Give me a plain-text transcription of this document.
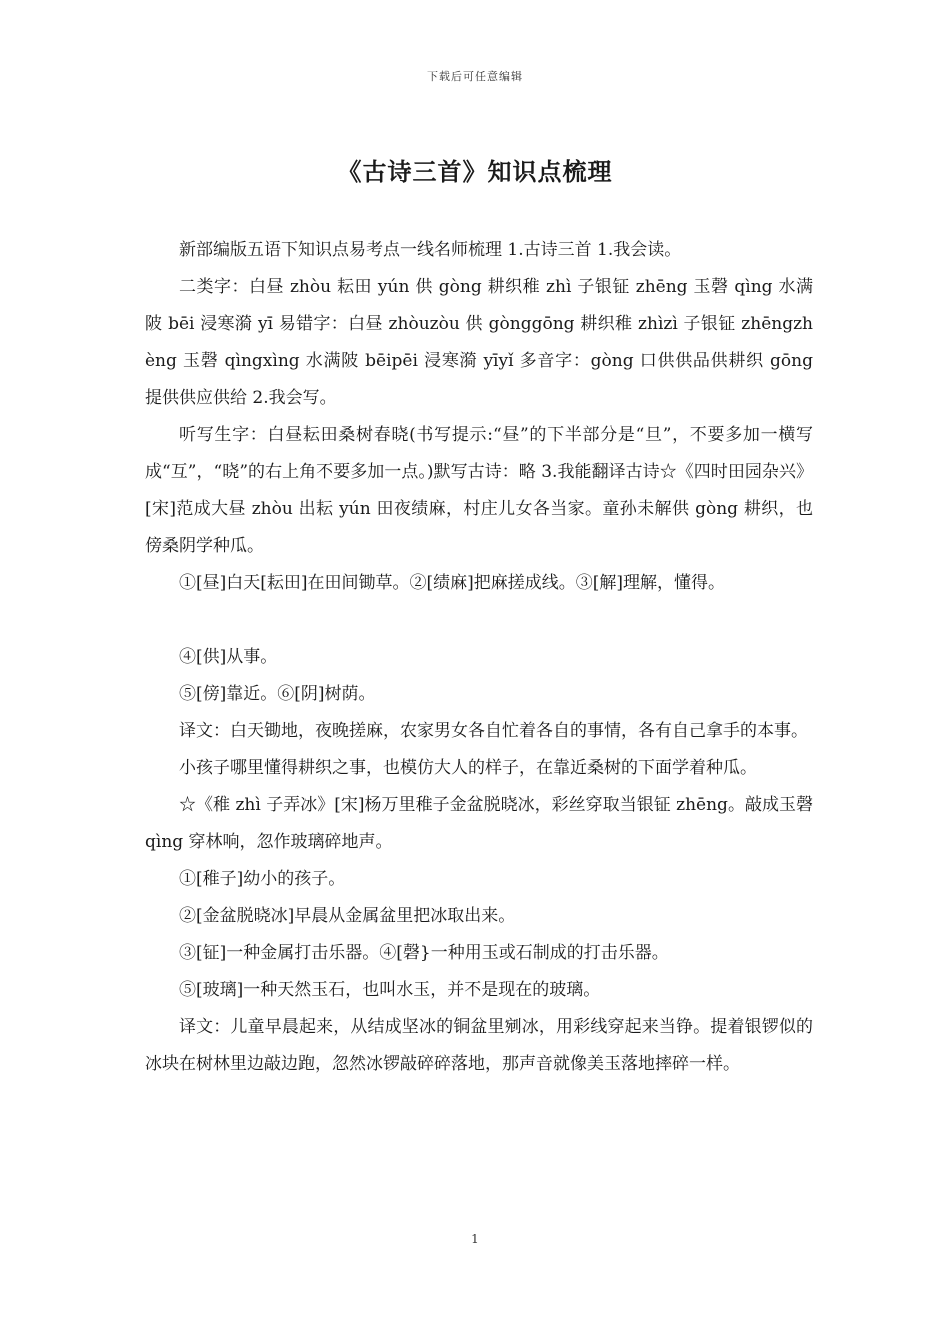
下载后可任意编辑
《古诗三首》知识点梳理

新部编版五语下知识点易考点一线名师梳理 1.古诗三首 1.我会读。

二类字：白昼 zhòu 耘田 yún 供 gòng 耕织稚 zhì 子银钲 zhēng 玉磬 qìng 水满陂 bēi 浸寒漪 yī 易错字：白昼 zhòuzòu 供 gònggōng 耕织稚 zhìzì 子银钲 zhēngzhèng 玉磬 qìngxìng 水满陂 bēipēi 浸寒漪 yīyǐ 多音字：gòng 口供供品供耕织 gōng 提供供应供给 2.我会写。

听写生字：白昼耘田桑树春晓(书写提示:“昼”的下半部分是“旦”，不要多加一横写成“互”，“晓”的右上角不要多加一点。)默写古诗：略 3.我能翻译古诗☆《四时田园杂兴》[宋]范成大昼 zhòu 出耘 yún 田夜绩麻，村庄儿女各当家。童孙未解供 gòng 耕织，也傍桑阴学种瓜。

①[昼]白天[耘田]在田间锄草。②[绩麻]把麻搓成线。③[解]理解，懂得。

④[供]从事。

⑤[傍]靠近。⑥[阴]树荫。

译文：白天锄地，夜晚搓麻，农家男女各自忙着各自的事情，各有自己拿手的本事。

小孩子哪里懂得耕织之事，也模仿大人的样子，在靠近桑树的下面学着种瓜。

☆《稚 zhì 子弄冰》[宋]杨万里稚子金盆脱晓冰，彩丝穿取当银钲 zhēng。敲成玉磬 qìng 穿林响，忽作玻璃碎地声。

①[稚子]幼小的孩子。

②[金盆脱晓冰]早晨从金属盆里把冰取出来。

③[钲]一种金属打击乐器。④[磬}一种用玉或石制成的打击乐器。

⑤[玻璃]一种天然玉石，也叫水玉，并不是现在的玻璃。

译文：儿童早晨起来，从结成坚冰的铜盆里剜冰，用彩线穿起来当铮。提着银锣似的冰块在树林里边敲边跑，忽然冰锣敲碎碎落地，那声音就像美玉落地摔碎一样。

1
